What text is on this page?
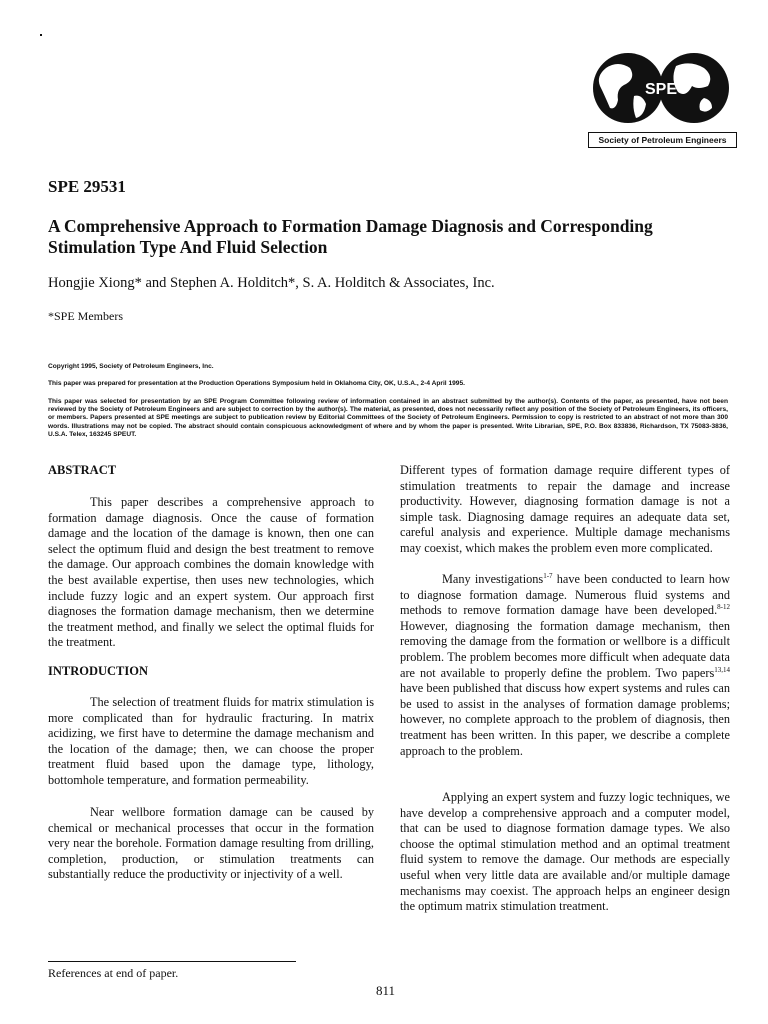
SPE
Society of Petroleum Engineers
SPE 29531
A Comprehensive Approach to Formation Damage Diagnosis and Corresponding Stimulation Type And Fluid Selection
Hongjie Xiong* and Stephen A. Holditch*, S. A. Holditch & Associates, Inc.
*SPE Members
Copyright 1995, Society of Petroleum Engineers, Inc.
This paper was prepared for presentation at the Production Operations Symposium held in Oklahoma City, OK, U.S.A., 2-4 April 1995.
This paper was selected for presentation by an SPE Program Committee following review of information contained in an abstract submitted by the author(s). Contents of the paper, as presented, have not been reviewed by the Society of Petroleum Engineers and are subject to correction by the author(s). The material, as presented, does not necessarily reflect any position of the Society of Petroleum Engineers, its officers, or members. Papers presented at SPE meetings are subject to publication review by Editorial Committees of the Society of Petroleum Engineers. Permission to copy is restricted to an abstract of not more than 300 words. Illustrations may not be copied. The abstract should contain conspicuous acknowledgment of where and by whom the paper is presented. Write Librarian, SPE, P.O. Box 833836, Richardson, TX 75083-3836, U.S.A. Telex, 163245 SPEUT.
ABSTRACT

This paper describes a comprehensive approach to formation damage diagnosis. Once the cause of formation damage and the location of the damage is known, then one can select the optimum fluid and design the best treatment to remove the damage. Our approach combines the domain knowledge with the best available expertise, then uses new technologies, which include fuzzy logic and an expert system. Our approach first diagnoses the formation damage mechanism, then we determine the treatment method, and finally we select the optimal fluids for the treatment.

INTRODUCTION

The selection of treatment fluids for matrix stimulation is more complicated than for hydraulic fracturing. In matrix acidizing, we first have to determine the damage mechanism and the location of the damage; then, we can choose the proper treatment fluid based upon the damage type, lithology, bottomhole temperature, and formation permeability.

Near wellbore formation damage can be caused by chemical or mechanical processes that occur in the formation very near the borehole. Formation damage resulting from drilling, completion, production, or stimulation treatments can substantially reduce the productivity or injectivity of a well.

Different types of formation damage require different types of stimulation treatments to repair the damage and increase productivity. However, diagnosing formation damage is not a simple task. Diagnosing damage requires an adequate data set, careful analysis and experience. Multiple damage mechanisms may coexist, which makes the problem even more complicated.

Many investigations$^{1-7}$ have been conducted to learn how to diagnose formation damage. Numerous fluid systems and methods to remove formation damage have been developed.$^{8-12}$ However, diagnosing the formation damage mechanism, then removing the damage from the formation or wellbore is a difficult problem. The problem becomes more difficult when adequate data are not available to properly define the problem. Two papers$^{13,14}$ have been published that discuss how expert systems and rules can be used to assist in the analyses of formation damage problems; however, no complete approach to the problem of diagnosis, then treatment has been written. In this paper, we describe a complete approach to the problem.

Applying an expert system and fuzzy logic techniques, we have develop a comprehensive approach and a computer model, that can be used to diagnose formation damage types. We also choose the optimal stimulation method and an optimal treatment fluid system to remove the damage. Our methods are especially useful when very little data are available and/or multiple damage mechanisms may coexist. The approach helps an engineer design the optimum matrix stimulation treatment.

References at end of paper.
811
